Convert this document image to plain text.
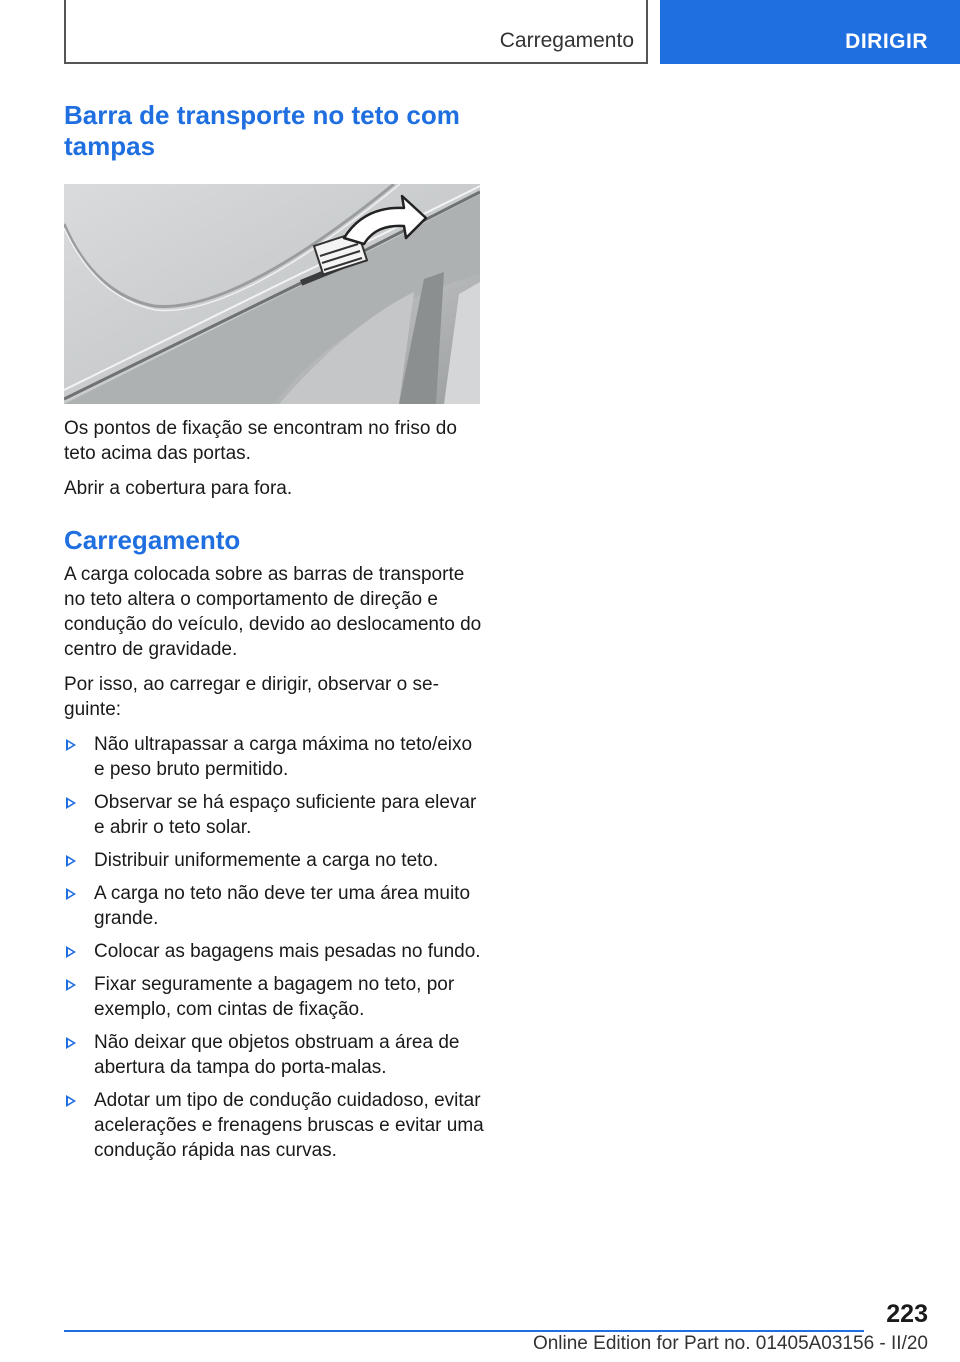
Carregamento	DIRIGIR
Barra de transporte no teto com tampas

Os pontos de fixação se encontram no friso do teto acima das portas.

Abrir a cobertura para fora.

Carregamento

A carga colocada sobre as barras de transporte no teto altera o comportamento de direção e condução do veículo, devido ao deslocamento do centro de gravidade.

Por isso, ao carregar e dirigir, observar o seguinte:

Não ultrapassar a carga máxima no teto/eixo e peso bruto permitido.
Observar se há espaço suficiente para elevar e abrir o teto solar.
Distribuir uniformemente a carga no teto.
A carga no teto não deve ter uma área muito grande.
Colocar as bagagens mais pesadas no fundo.
Fixar seguramente a bagagem no teto, por exemplo, com cintas de fixação.
Não deixar que objetos obstruam a área de abertura da tampa do porta-malas.
Adotar um tipo de condução cuidadoso, evitar acelerações e frenagens bruscas e evitar uma condução rápida nas curvas.
223
Online Edition for Part no. 01405A03156 - II/20
